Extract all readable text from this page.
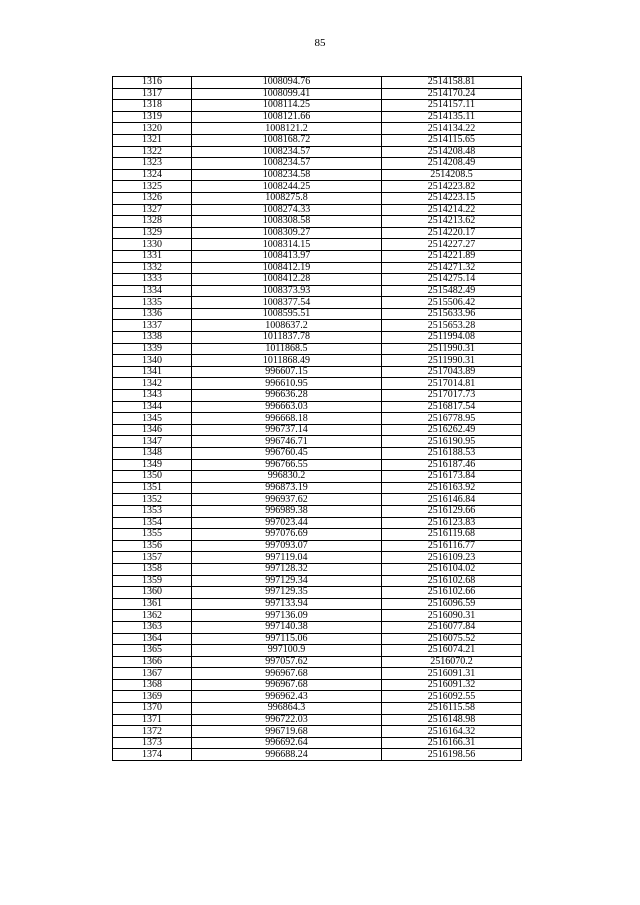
85
1316	1008094.76	2514158.81
1317	1008099.41	2514170.24
1318	1008114.25	2514157.11
1319	1008121.66	2514135.11
1320	1008121.2	2514134.22
1321	1008168.72	2514115.65
1322	1008234.57	2514208.48
1323	1008234.57	2514208.49
1324	1008234.58	2514208.5
1325	1008244.25	2514223.82
1326	1008275.8	2514223.15
1327	1008274.33	2514214.22
1328	1008308.58	2514213.62
1329	1008309.27	2514220.17
1330	1008314.15	2514227.27
1331	1008413.97	2514221.89
1332	1008412.19	2514271.32
1333	1008412.28	2514275.14
1334	1008373.93	2515482.49
1335	1008377.54	2515506.42
1336	1008595.51	2515633.96
1337	1008637.2	2515653.28
1338	1011837.78	2511994.08
1339	1011868.5	2511990.31
1340	1011868.49	2511990.31
1341	996607.15	2517043.89
1342	996610.95	2517014.81
1343	996636.28	2517017.73
1344	996663.03	2516817.54
1345	996668.18	2516778.95
1346	996737.14	2516262.49
1347	996746.71	2516190.95
1348	996760.45	2516188.53
1349	996766.55	2516187.46
1350	996830.2	2516173.84
1351	996873.19	2516163.92
1352	996937.62	2516146.84
1353	996989.38	2516129.66
1354	997023.44	2516123.83
1355	997076.69	2516119.68
1356	997093.07	2516116.77
1357	997119.04	2516109.23
1358	997128.32	2516104.02
1359	997129.34	2516102.68
1360	997129.35	2516102.66
1361	997133.94	2516096.59
1362	997136.09	2516090.31
1363	997140.38	2516077.84
1364	997115.06	2516075.52
1365	997100.9	2516074.21
1366	997057.62	2516070.2
1367	996967.68	2516091.31
1368	996967.68	2516091.32
1369	996962.43	2516092.55
1370	996864.3	2516115.58
1371	996722.03	2516148.98
1372	996719.68	2516164.32
1373	996692.64	2516166.31
1374	996688.24	2516198.56
